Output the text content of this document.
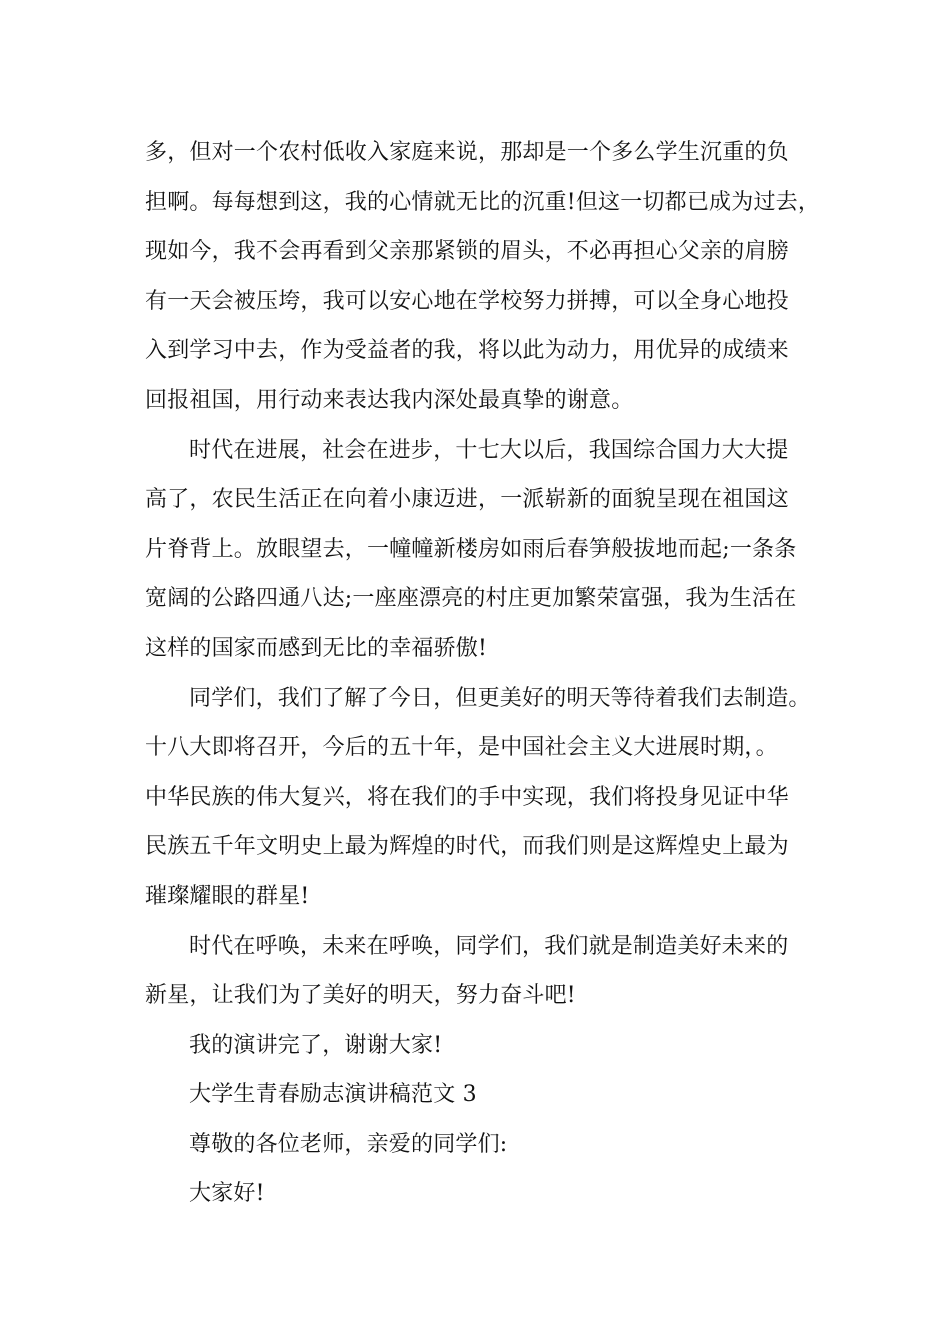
多，但对一个农村低收入家庭来说，那却是一个多么学生沉重的负
担啊。每每想到这，我的心情就无比的沉重!但这一切都已成为过去，
现如今，我不会再看到父亲那紧锁的眉头，不必再担心父亲的肩膀
有一天会被压垮，我可以安心地在学校努力拼搏，可以全身心地投
入到学习中去，作为受益者的我，将以此为动力，用优异的成绩来
回报祖国，用行动来表达我内深处最真挚的谢意。
时代在进展，社会在进步，十七大以后，我国综合国力大大提
高了，农民生活正在向着小康迈进，一派崭新的面貌呈现在祖国这
片脊背上。放眼望去，一幢幢新楼房如雨后春笋般拔地而起;一条条
宽阔的公路四通八达;一座座漂亮的村庄更加繁荣富强，我为生活在
这样的国家而感到无比的幸福骄傲!
同学们，我们了解了今日，但更美好的明天等待着我们去制造。
十八大即将召开，今后的五十年，是中国社会主义大进展时期，。
中华民族的伟大复兴，将在我们的手中实现，我们将投身见证中华
民族五千年文明史上最为辉煌的时代，而我们则是这辉煌史上最为
璀璨耀眼的群星!
时代在呼唤，未来在呼唤，同学们，我们就是制造美好未来的
新星，让我们为了美好的明天，努力奋斗吧!
我的演讲完了，谢谢大家!
大学生青春励志演讲稿范文 3
尊敬的各位老师，亲爱的同学们:
大家好!
